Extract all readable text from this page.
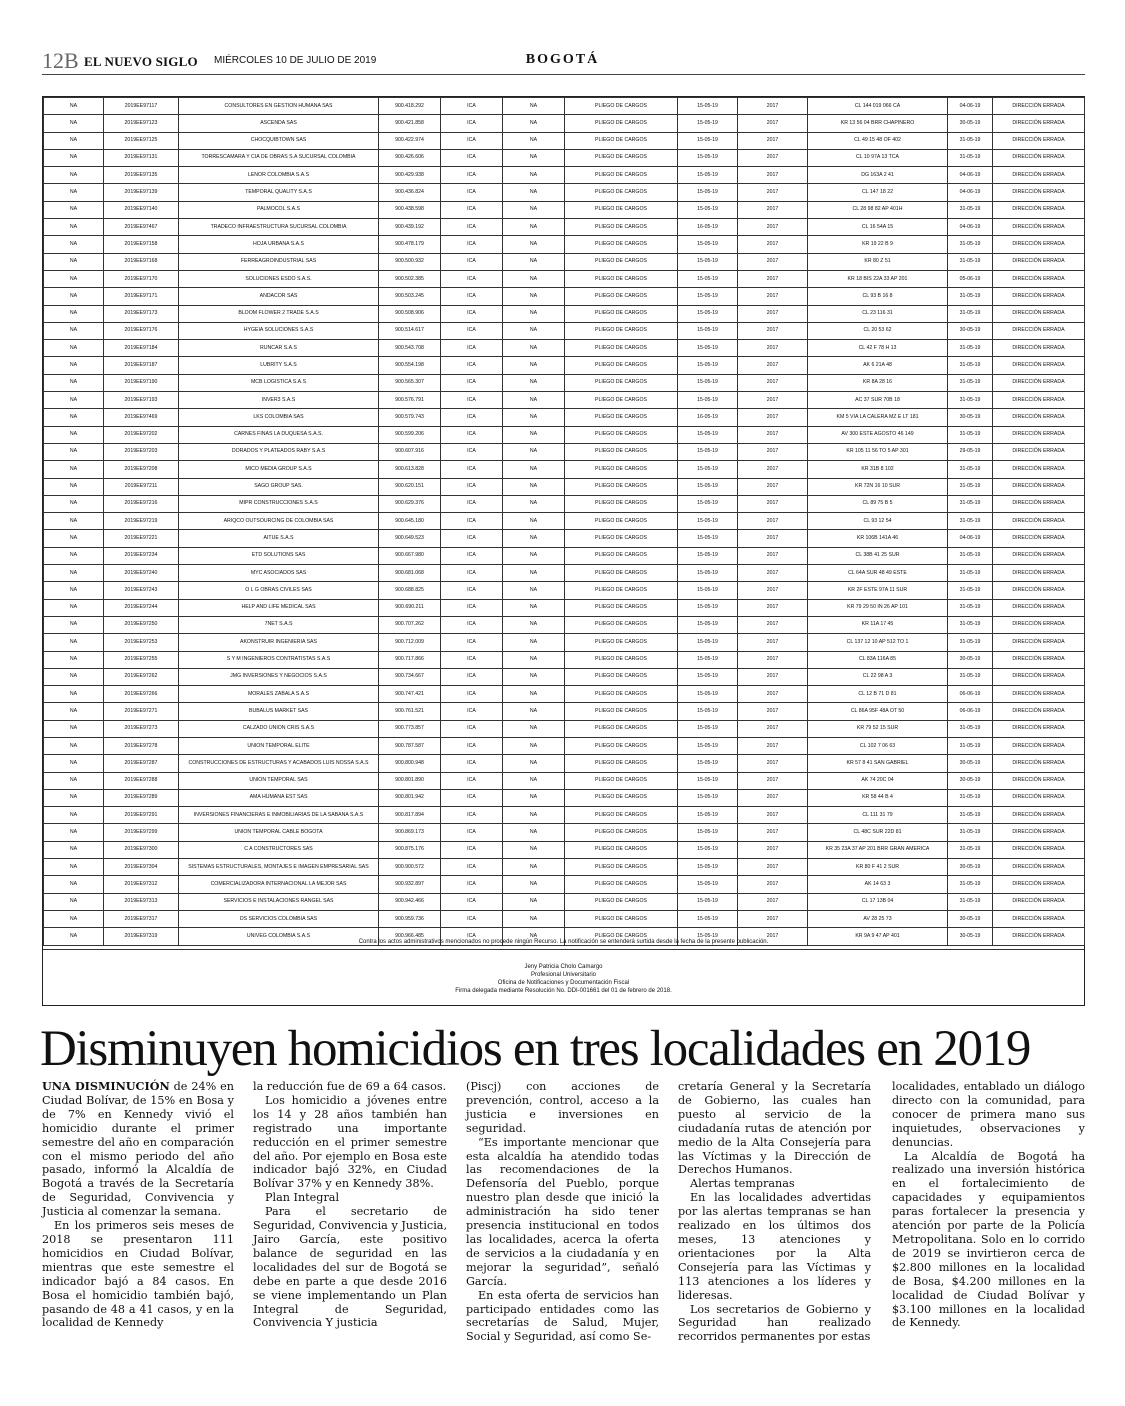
12B EL NUEVO SIGLO MIÉRCOLES 10 DE JULIO DE 2019	BOGOTÁ
NA	2019EE97117	CONSULTORES EN GESTION HUMANA SAS	900.418.292	ICA	NA	PLIEGO DE CARGOS	15-05-19	2017	CL 144 019 066 CA	04-06-19	DIRECCIÓN ERRADA
NA	2019EE97123	ASCENDA SAS	900.421.858	ICA	NA	PLIEGO DE CARGOS	15-05-19	2017	KR 13 56 04 BRR CHAPINERO	30-05-19	DIRECCIÓN ERRADA
NA	2019EE97125	CHOCQUIBTOWN SAS	900.422.974	ICA	NA	PLIEGO DE CARGOS	15-05-19	2017	CL 49 15 48 OF 402	31-05-19	DIRECCIÓN ERRADA
NA	2019EE97131	TORRESCAMARA Y CIA DE OBRAS S.A SUCURSAL COLOMBIA	900.426.606	ICA	NA	PLIEGO DE CARGOS	15-05-19	2017	CL 10 97A 13 TCA	31-05-19	DIRECCIÓN ERRADA
NA	2019EE97135	LENOR COLOMBIA S.A.S	900.429.938	ICA	NA	PLIEGO DE CARGOS	15-05-19	2017	DG 163A 2 41	04-06-19	DIRECCIÓN ERRADA
NA	2019EE97139	TEMPORAL QUALITY S.A.S	900.436.824	ICA	NA	PLIEGO DE CARGOS	15-05-19	2017	CL 147 18 22	04-06-19	DIRECCIÓN ERRADA
NA	2019EE97140	PALMOCOL S.A.S	900.438.598	ICA	NA	PLIEGO DE CARGOS	15-05-19	2017	CL 28 98 82 AP 401H	31-05-19	DIRECCIÓN ERRADA
NA	2019EE97467	TRADECO INFRAESTRUCTURA SUCURSAL COLOMBIA	900.439.192	ICA	NA	PLIEGO DE CARGOS	16-05-19	2017	CL 16 54A 15	04-06-19	DIRECCIÓN ERRADA
NA	2019EE97158	HOJA URBANA S.A.S	900.478.179	ICA	NA	PLIEGO DE CARGOS	15-05-19	2017	KR 19 22 B 9	31-05-19	DIRECCIÓN ERRADA
NA	2019EE97168	FERREAGROINDUSTRIAL SAS	900.500.932	ICA	NA	PLIEGO DE CARGOS	15-05-19	2017	KR 80 Z 51	31-05-19	DIRECCIÓN ERRADA
NA	2019EE97170	SOLUCIONES ESDO S.A.S.	900.502.385	ICA	NA	PLIEGO DE CARGOS	15-05-19	2017	KR 18 BIS 22A 33 AP 201	05-06-19	DIRECCIÓN ERRADA
NA	2019EE97171	ANDACOR SAS	900.503.245	ICA	NA	PLIEGO DE CARGOS	15-05-19	2017	CL 93 B 16 8	31-05-19	DIRECCIÓN ERRADA
NA	2019EE97173	BLOOM FLOWER 2 TRADE S.A.S	900.508.906	ICA	NA	PLIEGO DE CARGOS	15-05-19	2017	CL 23 116 31	31-05-19	DIRECCIÓN ERRADA
NA	2019EE97176	HYGEIA SOLUCIONES S.A.S	900.514.617	ICA	NA	PLIEGO DE CARGOS	15-05-19	2017	CL 20 53 62	30-05-19	DIRECCIÓN ERRADA
NA	2019EE97184	RUNCAR S.A.S	900.543.708	ICA	NA	PLIEGO DE CARGOS	15-05-19	2017	CL 42 F 78 H 13	31-05-19	DIRECCIÓN ERRADA
NA	2019EE97187	LUBRITY S.A.S	900.554.198	ICA	NA	PLIEGO DE CARGOS	15-05-19	2017	AK 6 21A 48	31-05-19	DIRECCIÓN ERRADA
NA	2019EE97190	MCB LOGISTICA S.A.S	900.565.307	ICA	NA	PLIEGO DE CARGOS	15-05-19	2017	KR 8A 28 16	31-05-19	DIRECCIÓN ERRADA
NA	2019EE97193	INVER3 S.A.S	900.576.791	ICA	NA	PLIEGO DE CARGOS	15-05-19	2017	AC 37 SUR 70B 18	31-05-19	DIRECCIÓN ERRADA
NA	2019EE97469	LKS COLOMBIA SAS	900.579.743	ICA	NA	PLIEGO DE CARGOS	16-05-19	2017	KM 5 VIA LA CALERA MZ E LT 181	30-05-19	DIRECCIÓN ERRADA
NA	2019EE97202	CARNES FINAS LA DUQUESA S.A.S.	900.599.206	ICA	NA	PLIEGO DE CARGOS	15-05-19	2017	AV 300 ESTE AGOSTO 46 149	31-05-19	DIRECCIÓN ERRADA
NA	2019EE97203	DORADOS Y PLATEADOS RABY S.A.S	900.607.916	ICA	NA	PLIEGO DE CARGOS	15-05-19	2017	KR 105 11 56 TO 5 AP 301	29-05-19	DIRECCIÓN ERRADA
NA	2019EE97208	MICO MEDIA GROUP S.A.S	900.613.828	ICA	NA	PLIEGO DE CARGOS	15-05-19	2017	KR 31B 8 102	31-05-19	DIRECCIÓN ERRADA
NA	2019EE97211	SAGO GROUP SAS.	900.620.151	ICA	NA	PLIEGO DE CARGOS	15-05-19	2017	KR 72N 16 10 SUR	31-05-19	DIRECCIÓN ERRADA
NA	2019EE97216	MIPR CONSTRUCCIONES S.A.S	900.629.376	ICA	NA	PLIEGO DE CARGOS	15-05-19	2017	CL 89 75 B 5	31-05-19	DIRECCIÓN ERRADA
NA	2019EE97219	ARIQCO OUTSOURCING DE COLOMBIA SAS	900.645.180	ICA	NA	PLIEGO DE CARGOS	15-05-19	2017	CL 93 12 54	31-05-19	DIRECCIÓN ERRADA
NA	2019EE97221	AITUE S.A.S	900.649.523	ICA	NA	PLIEGO DE CARGOS	15-05-19	2017	KR 106B 141A 46	04-06-19	DIRECCIÓN ERRADA
NA	2019EE97234	ETD SOLUTIONS SAS	900.667.980	ICA	NA	PLIEGO DE CARGOS	15-05-19	2017	CL 38B 41 25 SUR	31-05-19	DIRECCIÓN ERRADA
NA	2019EE97240	MYC ASOCIADOS SAS	900.681.068	ICA	NA	PLIEGO DE CARGOS	15-05-19	2017	CL 64A SUR 48 49 ESTE	31-05-19	DIRECCIÓN ERRADA
NA	2019EE97243	O L G OBRAS CIVILES SAS	900.688.825	ICA	NA	PLIEGO DE CARGOS	15-05-19	2017	KR 2F ESTE 97A 11 SUR	31-05-19	DIRECCIÓN ERRADA
NA	2019EE97244	HELP AND LIFE MEDICAL SAS	900.690.211	ICA	NA	PLIEGO DE CARGOS	15-05-19	2017	KR 79 29 50 IN 26 AP 101	31-05-19	DIRECCIÓN ERRADA
NA	2019EE97250	7NET S.A.S	900.707.262	ICA	NA	PLIEGO DE CARGOS	15-05-19	2017	KR 11A 17 45	31-05-19	DIRECCIÓN ERRADA
NA	2019EE97253	AKONSTRUIR INGENIERIA SAS	900.712.009	ICA	NA	PLIEGO DE CARGOS	15-05-19	2017	CL 137 12 10 AP 512 TO 1	31-05-19	DIRECCIÓN ERRADA
NA	2019EE97255	S Y M INGENIEROS CONTRATISTAS S.A.S	900.717.866	ICA	NA	PLIEGO DE CARGOS	15-05-19	2017	CL 83A 116A 85	30-05-19	DIRECCIÓN ERRADA
NA	2019EE97262	JMG INVERSIONES Y NEGOCIOS S.A.S	900.734.667	ICA	NA	PLIEGO DE CARGOS	15-05-19	2017	CL 22 98 A 3	31-05-19	DIRECCIÓN ERRADA
NA	2019EE97266	MORALES ZABALA S.A.S	900.747.421	ICA	NA	PLIEGO DE CARGOS	15-05-19	2017	CL 12 B 71 D 81	06-06-19	DIRECCIÓN ERRADA
NA	2019EE97271	BUBALUS MARKET SAS	900.761.521	ICA	NA	PLIEGO DE CARGOS	15-05-19	2017	CL 86A 95F 48A OT 50	06-06-19	DIRECCIÓN ERRADA
NA	2019EE97273	CALZADO UNION CRIS S.A.S	900.773.857	ICA	NA	PLIEGO DE CARGOS	15-05-19	2017	KR 79 52 15 SUR	31-05-19	DIRECCIÓN ERRADA
NA	2019EE97278	UNION TEMPORAL ELITE	900.787.587	ICA	NA	PLIEGO DE CARGOS	15-05-19	2017	CL 102 7 06 63	31-05-19	DIRECCIÓN ERRADA
NA	2019EE97287	CONSTRUCCIONES DE ESTRUCTURAS Y ACABADOS LUIS NOSSA S.A.S	900.800.948	ICA	NA	PLIEGO DE CARGOS	15-05-19	2017	KR 57 8 41 SAN GABRIEL	30-05-19	DIRECCIÓN ERRADA
NA	2019EE97288	UNION TEMPORAL SAS	900.801.890	ICA	NA	PLIEGO DE CARGOS	15-05-19	2017	AK 74 20C 04	30-05-19	DIRECCIÓN ERRADA
NA	2019EE97289	AMA HUMANA EST SAS	900.801.942	ICA	NA	PLIEGO DE CARGOS	15-05-19	2017	KR 58 44 B 4	31-05-19	DIRECCIÓN ERRADA
NA	2019EE97291	INVERSIONES FINANCIERAS E INMOBILIARIAS DE LA SABANA S.A.S	900.817.894	ICA	NA	PLIEGO DE CARGOS	15-05-19	2017	CL 111 31 79	31-05-19	DIRECCIÓN ERRADA
NA	2019EE97299	UNION TEMPORAL CABLE BOGOTA	900.869.173	ICA	NA	PLIEGO DE CARGOS	15-05-19	2017	CL 48C SUR 22D 81	31-05-19	DIRECCIÓN ERRADA
NA	2019EE97300	C A CONSTRUCTORES SAS	900.875.176	ICA	NA	PLIEGO DE CARGOS	15-05-19	2017	KR 35 23A 37 AP 201 BRR GRAN AMERICA	31-05-19	DIRECCIÓN ERRADA
NA	2019EE97304	SISTEMAS ESTRUCTURALES, MONTAJES E IMAGEN EMPRESARIAL SAS	900.900.572	ICA	NA	PLIEGO DE CARGOS	15-05-19	2017	KR 80 F 41 2 SUR	30-05-19	DIRECCIÓN ERRADA
NA	2019EE97312	COMERCIALIZADORA INTERNACIONAL LA MEJOR SAS	900.932.897	ICA	NA	PLIEGO DE CARGOS	15-05-19	2017	AK 14 63 3	31-05-19	DIRECCIÓN ERRADA
NA	2019EE97313	SERVICIOS E INSTALACIONES RANGEL SAS	900.942.466	ICA	NA	PLIEGO DE CARGOS	15-05-19	2017	CL 17 13B 04	31-05-19	DIRECCIÓN ERRADA
NA	2019EE97317	DS SERVICIOS COLOMBIA SAS	900.959.736	ICA	NA	PLIEGO DE CARGOS	15-05-19	2017	AV 28 25 73	30-05-19	DIRECCIÓN ERRADA
NA	2019EE97319	UNIVEG COLOMBIA S.A.S	900.966.485	ICA	NA	PLIEGO DE CARGOS	15-05-19	2017	KR 9A 9 47 AP 401	30-05-19	DIRECCIÓN ERRADA
Contra los actos administrativos mencionados no procede ningún Recurso. La notificación se entenderá surtida desde la fecha de la presente publicación.
Jeny Patricia Cholo Camargo
Profesional Universitario
Oficina de Notificaciones y Documentación Fiscal
Firma delegada mediante Resolución No. DDI-001661 del 01 de febrero de 2018.
Disminuyen homicidios en tres localidades en 2019

UNA DISMINUCIÓN de 24% en Ciudad Bolívar, de 15% en Bosa y de 7% en Kennedy vivió el homicidio durante el primer semestre del año en comparación con el mismo periodo del año pasado, informó la Alcaldía de Bogotá a través de la Secretaría de Seguridad, Convivencia y Justicia al comenzar la semana.

En los primeros seis meses de 2018 se presentaron 111 homicidios en Ciudad Bolívar, mientras que este semestre el indicador bajó a 84 casos. En Bosa el homicidio también bajó, pasando de 48 a 41 casos, y en la localidad de Kennedy

la reducción fue de 69 a 64 casos.

Los homicidio a jóvenes entre los 14 y 28 años también han registrado una importante reducción en el primer semestre del año. Por ejemplo en Bosa este indicador bajó 32%, en Ciudad Bolívar 37% y en Kennedy 38%.

Plan Integral

Para el secretario de Seguridad, Convivencia y Justicia, Jairo García, este positivo balance de seguridad en las localidades del sur de Bogotá se debe en parte a que desde 2016 se viene implementando un Plan Integral de Seguridad, Convivencia Y justicia

(Piscj) con acciones de prevención, control, acceso a la justicia e inversiones en seguridad.

“Es importante mencionar que esta alcaldía ha atendido todas las recomendaciones de la Defensoría del Pueblo, porque nuestro plan desde que inició la administración ha sido tener presencia institucional en todos las localidades, acerca la oferta de servicios a la ciudadanía y en mejorar la seguridad”, señaló García.

En esta oferta de servicios han participado entidades como las secretarías de Salud, Mujer, Social y Seguridad, así como Se-

cretaría General y la Secretaría de Gobierno, las cuales han puesto al servicio de la ciudadanía rutas de atención por medio de la Alta Consejería para las Víctimas y la Dirección de Derechos Humanos.

Alertas tempranas

En las localidades advertidas por las alertas tempranas se han realizado en los últimos dos meses, 13 atenciones y orientaciones por la Alta Consejería para las Víctimas y 113 atenciones a los líderes y lideresas.

Los secretarios de Gobierno y Seguridad han realizado recorridos permanentes por estas

localidades, entablado un diálogo directo con la comunidad, para conocer de primera mano sus inquietudes, observaciones y denuncias.

La Alcaldía de Bogotá ha realizado una inversión histórica en el fortalecimiento de capacidades y equipamientos paras fortalecer la presencia y atención por parte de la Policía Metropolitana. Solo en lo corrido de 2019 se invirtieron cerca de $2.800 millones en la localidad de Bosa, $4.200 millones en la localidad de Ciudad Bolívar y $3.100 millones en la localidad de Kennedy.
